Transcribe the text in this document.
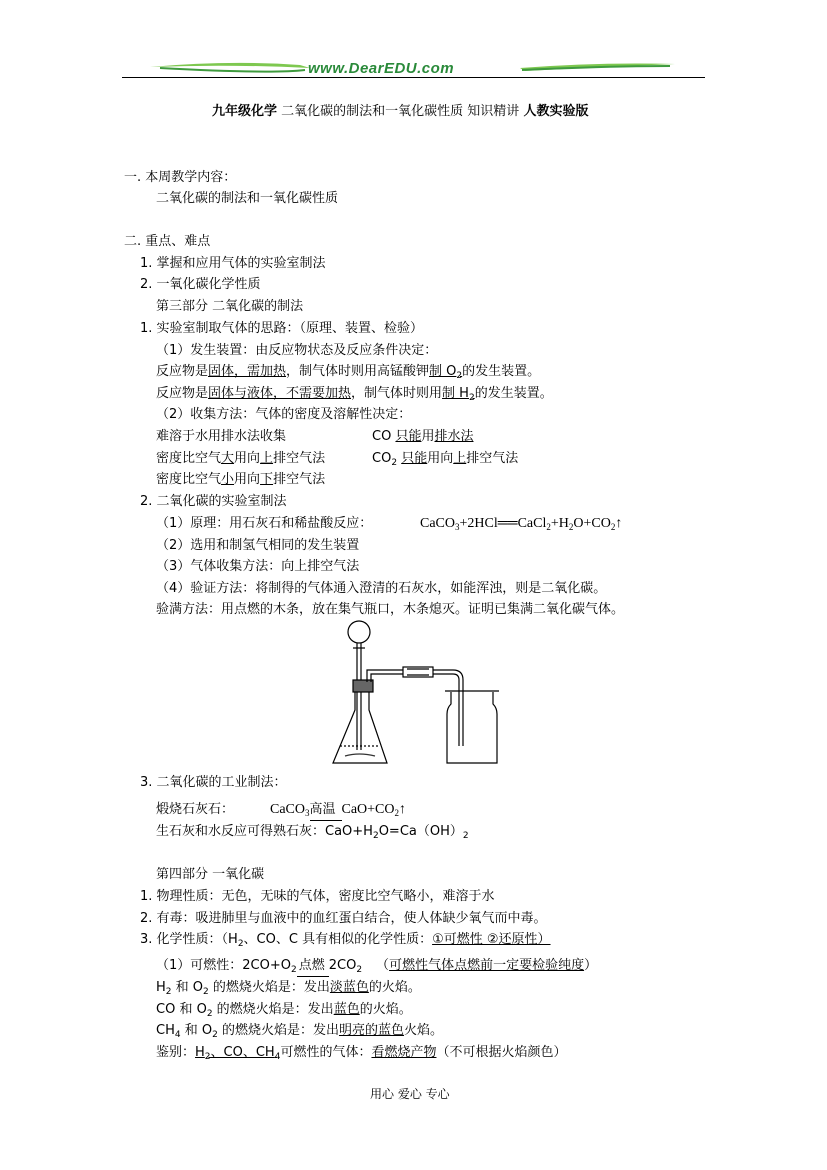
www.DearEDU.com
九年级化学 二氧化碳的制法和一氧化碳性质 知识精讲 人教实验版
一. 本周教学内容：
二氧化碳的制法和一氧化碳性质
二. 重点、难点
1. 掌握和应用气体的实验室制法
2. 一氧化碳化学性质
第三部分 二氧化碳的制法
1. 实验室制取气体的思路：（原理、装置、检验）
（1）发生装置：由反应物状态及反应条件决定：
反应物是固体，需加热，制气体时则用高锰酸钾制 $O_2$的发生装置。
反应物是固体与液体，不需要加热，制气体时则用制 $H_2$的发生装置。
（2）收集方法：气体的密度及溶解性决定：
难溶于水用排水法收集	CO 只能用排水法
密度比空气大用向上排空气法	$CO_2$ 只能用向上排空气法
密度比空气小用向下排空气法
2. 二氧化碳的实验室制法
（1）原理：用石灰石和稀盐酸反应：	$CaCO_3+2HCl══CaCl_2+H_2O+CO_2↑$
（2）选用和制氢气相同的发生装置
（3）气体收集方法：向上排空气法
（4）验证方法：将制得的气体通入澄清的石灰水，如能浑浊，则是二氧化碳。
验满方法：用点燃的木条，放在集气瓶口，木条熄灭。证明已集满二氧化碳气体。
3. 二氧化碳的工业制法：
煅烧石灰石：	CaCO$_3$ 高温 $CaO+CO_2↑$
生石灰和水反应可得熟石灰：$CaO+H_2O=Ca(OH)_2$
第四部分 一氧化碳
1. 物理性质：无色，无味的气体，密度比空气略小，难溶于水
2. 有毒：吸进肺里与血液中的血红蛋白结合，使人体缺少氧气而中毒。
3. 化学性质：（$H_2$、CO、C 具有相似的化学性质：①可燃性 ②还原性）
（1）可燃性：$2CO+O_2$ 点燃 $2CO_2$ （可燃性气体点燃前一定要检验纯度）
$H_2$ 和 $O_2$ 的燃烧火焰是：发出淡蓝色的火焰。
CO 和 $O_2$ 的燃烧火焰是：发出蓝色的火焰。
$CH_4$ 和 $O_2$ 的燃烧火焰是：发出明亮的蓝色火焰。
鉴别：$H_2$、CO、$CH_4$可燃性的气体：看燃烧产物（不可根据火焰颜色）
用心 爱心 专心
